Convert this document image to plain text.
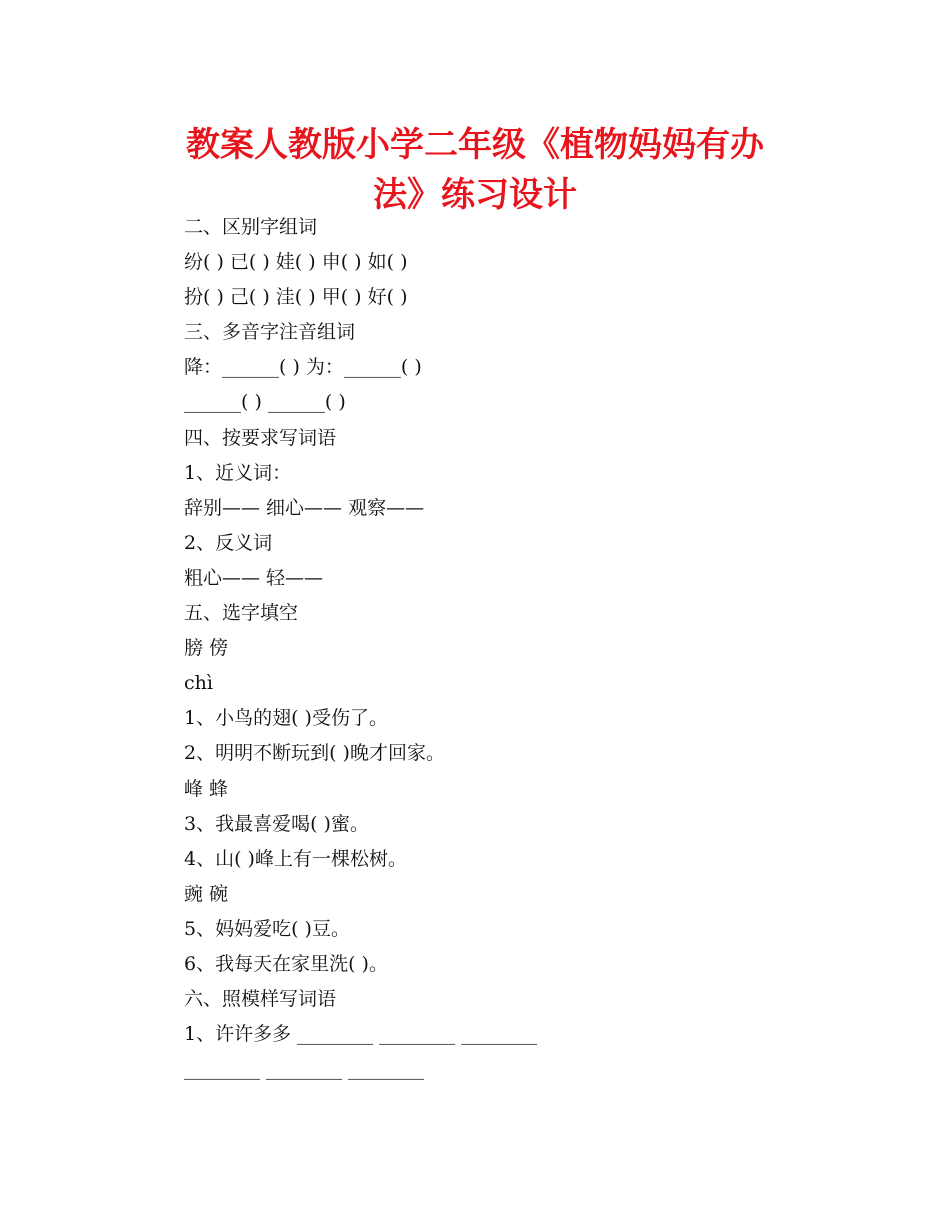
教案人教版小学二年级《植物妈妈有办
法》练习设计
二、区别字组词
纷( ) 已( ) 娃( ) 申( ) 如( )
扮( ) 己( ) 洼( ) 甲( ) 好( )
三、多音字注音组词
降：______( ) 为：______( )
______( ) ______( )
四、按要求写词语
1、近义词：
辞别—— 细心—— 观察——
2、反义词
粗心—— 轻——
五、选字填空
膀 傍
chì
1、小鸟的翅( )受伤了。
2、明明不断玩到( )晚才回家。
峰 蜂
3、我最喜爱喝( )蜜。
4、山( )峰上有一棵松树。
豌 碗
5、妈妈爱吃( )豆。
6、我每天在家里洗( )。
六、照模样写词语
1、许许多多 ________ ________ ________
________ ________ ________
